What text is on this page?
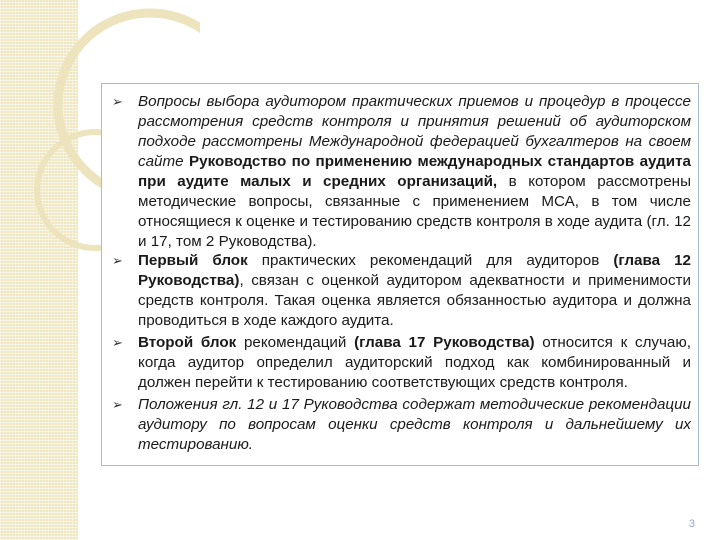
➢ Вопросы выбора аудитором практических приемов и процедур в процессе рассмотрения средств контроля и принятия решений об аудиторском подходе рассмотрены Международной федерацией бухгалтеров на своем сайте Руководство по применению международных стандартов аудита при аудите малых и средних организаций, в котором рассмотрены методические вопросы, связанные с применением МСА, в том числе относящиеся к оценке и тестированию средств контроля в ходе аудита (гл. 12 и 17, том 2 Руководства).
➢ Первый блок практических рекомендаций для аудиторов (глава 12 Руководства), связан с оценкой аудитором адекватности и применимости средств контроля. Такая оценка является обязанностью аудитора и должна проводиться в ходе каждого аудита.
➢ Второй блок рекомендаций (глава 17 Руководства) относится к случаю, когда аудитор определил аудиторский подход как комбинированный и должен перейти к тестированию соответствующих средств контроля.
➢ Положения гл. 12 и 17 Руководства содержат методические рекомендации аудитору по вопросам оценки средств контроля и дальнейшему их тестированию.
3
